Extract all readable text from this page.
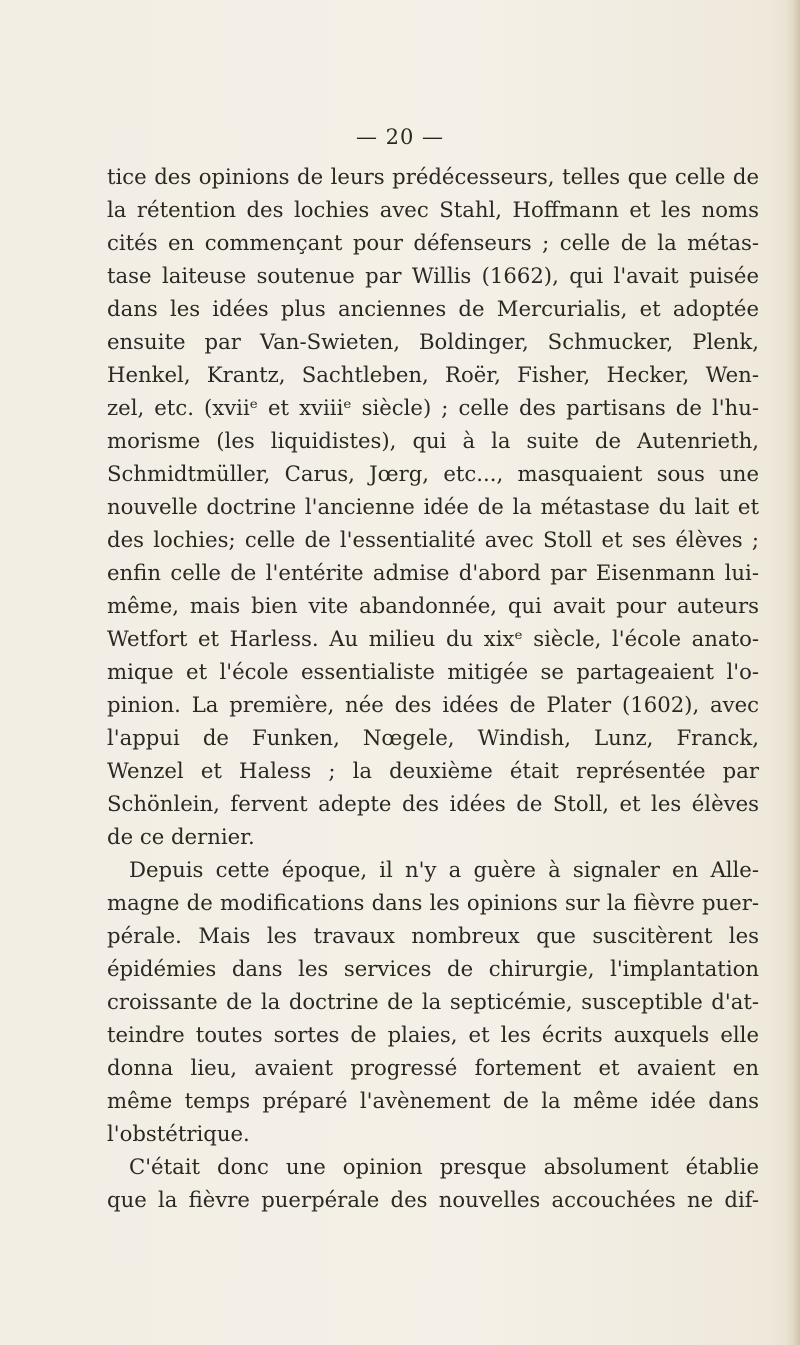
— 20 —
tice des opinions de leurs prédécesseurs, telles que celle de
la rétention des lochies avec Stahl, Hoffmann et les noms
cités en commençant pour défenseurs ; celle de la métas-
tase laiteuse soutenue par Willis (1662), qui l'avait puisée
dans les idées plus anciennes de Mercurialis, et adoptée
ensuite par Van-Swieten, Boldinger, Schmucker, Plenk,
Henkel, Krantz, Sachtleben, Roër, Fisher, Hecker, Wen-
zel, etc. (xviiᵉ et xviiiᵉ siècle) ; celle des partisans de l'hu-
morisme (les liquidistes), qui à la suite de Autenrieth,
Schmidtmüller, Carus, Jœrg, etc..., masquaient sous une
nouvelle doctrine l'ancienne idée de la métastase du lait et
des lochies; celle de l'essentialité avec Stoll et ses élèves ;
enfin celle de l'entérite admise d'abord par Eisenmann lui-
même, mais bien vite abandonnée, qui avait pour auteurs
Wetfort et Harless. Au milieu du xixᵉ siècle, l'école anato-
mique et l'école essentialiste mitigée se partageaient l'o-
pinion. La première, née des idées de Plater (1602), avec
l'appui de Funken, Nœgele, Windish, Lunz, Franck,
Wenzel et Haless ; la deuxième était représentée par
Schönlein, fervent adepte des idées de Stoll, et les élèves
de ce dernier.
Depuis cette époque, il n'y a guère à signaler en Alle-
magne de modifications dans les opinions sur la fièvre puer-
pérale. Mais les travaux nombreux que suscitèrent les
épidémies dans les services de chirurgie, l'implantation
croissante de la doctrine de la septicémie, susceptible d'at-
teindre toutes sortes de plaies, et les écrits auxquels elle
donna lieu, avaient progressé fortement et avaient en
même temps préparé l'avènement de la même idée dans
l'obstétrique.
C'était donc une opinion presque absolument établie
que la fièvre puerpérale des nouvelles accouchées ne dif-
